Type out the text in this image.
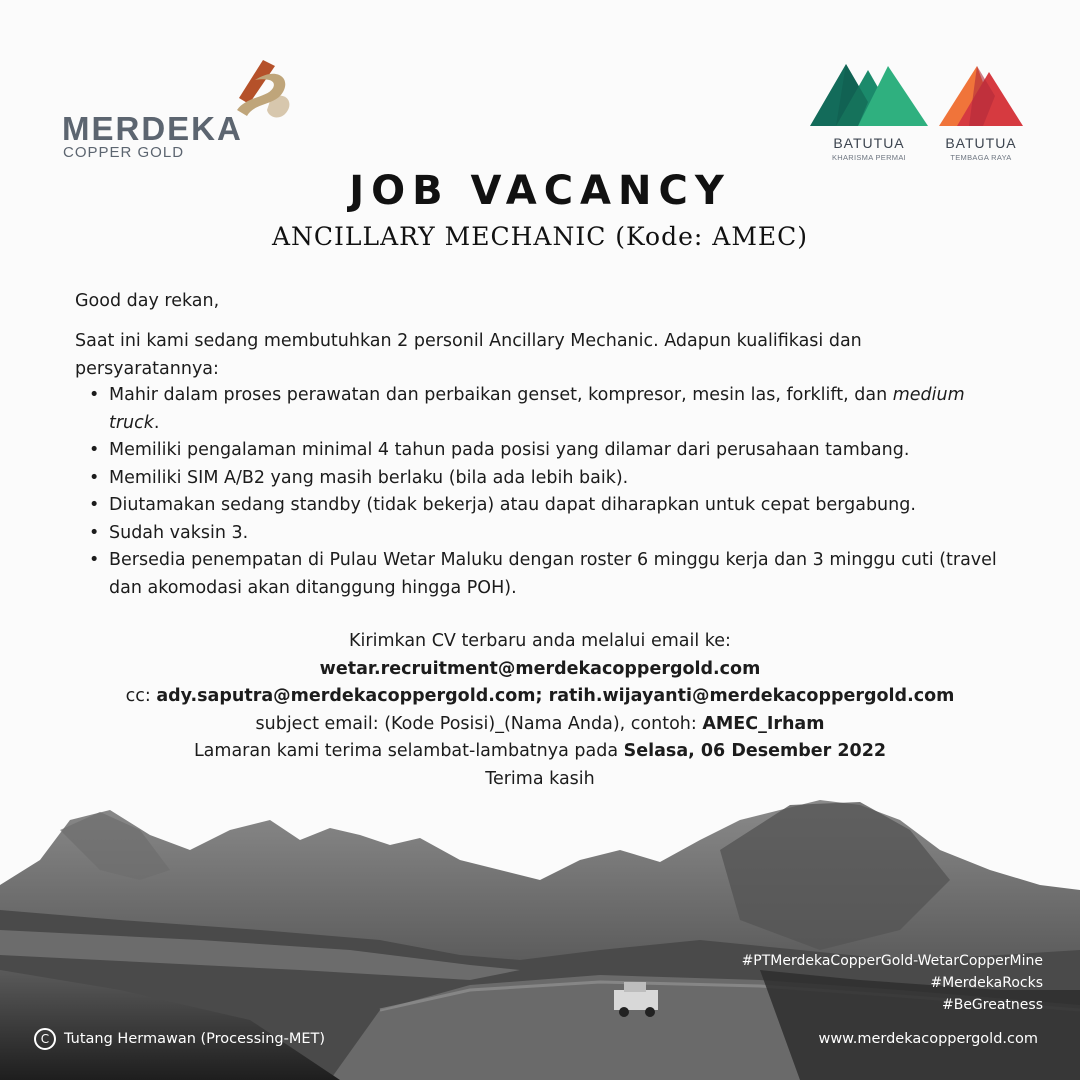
MERDEKA
COPPER GOLD
BATUTUA
KHARISMA PERMAI
BATUTUA
TEMBAGA RAYA
JOB VACANCY
ANCILLARY MECHANIC (Kode: AMEC)
Good day rekan,
Saat ini kami sedang membutuhkan 2 personil Ancillary Mechanic. Adapun kualifikasi dan persyaratannya:
• Mahir dalam proses perawatan dan perbaikan genset, kompresor, mesin las, forklift, dan medium truck.
• Memiliki pengalaman minimal 4 tahun pada posisi yang dilamar dari perusahaan tambang.
• Memiliki SIM A/B2 yang masih berlaku (bila ada lebih baik).
• Diutamakan sedang standby (tidak bekerja) atau dapat diharapkan untuk cepat bergabung.
• Sudah vaksin 3.
• Bersedia penempatan di Pulau Wetar Maluku dengan roster 6 minggu kerja dan 3 minggu cuti (travel dan akomodasi akan ditanggung hingga POH).
Kirimkan CV terbaru anda melalui email ke:
wetar.recruitment@merdekacoppergold.com
cc: ady.saputra@merdekacoppergold.com; ratih.wijayanti@merdekacoppergold.com
subject email: (Kode Posisi)_(Nama Anda), contoh: AMEC_Irham
Lamaran kami terima selambat-lambatnya pada Selasa, 06 Desember 2022
Terima kasih
#PTMerdekaCopperGold-WetarCopperMine
#MerdekaRocks
#BeGreatness
C	Tutang Hermawan (Processing-MET)	www.merdekacoppergold.com
